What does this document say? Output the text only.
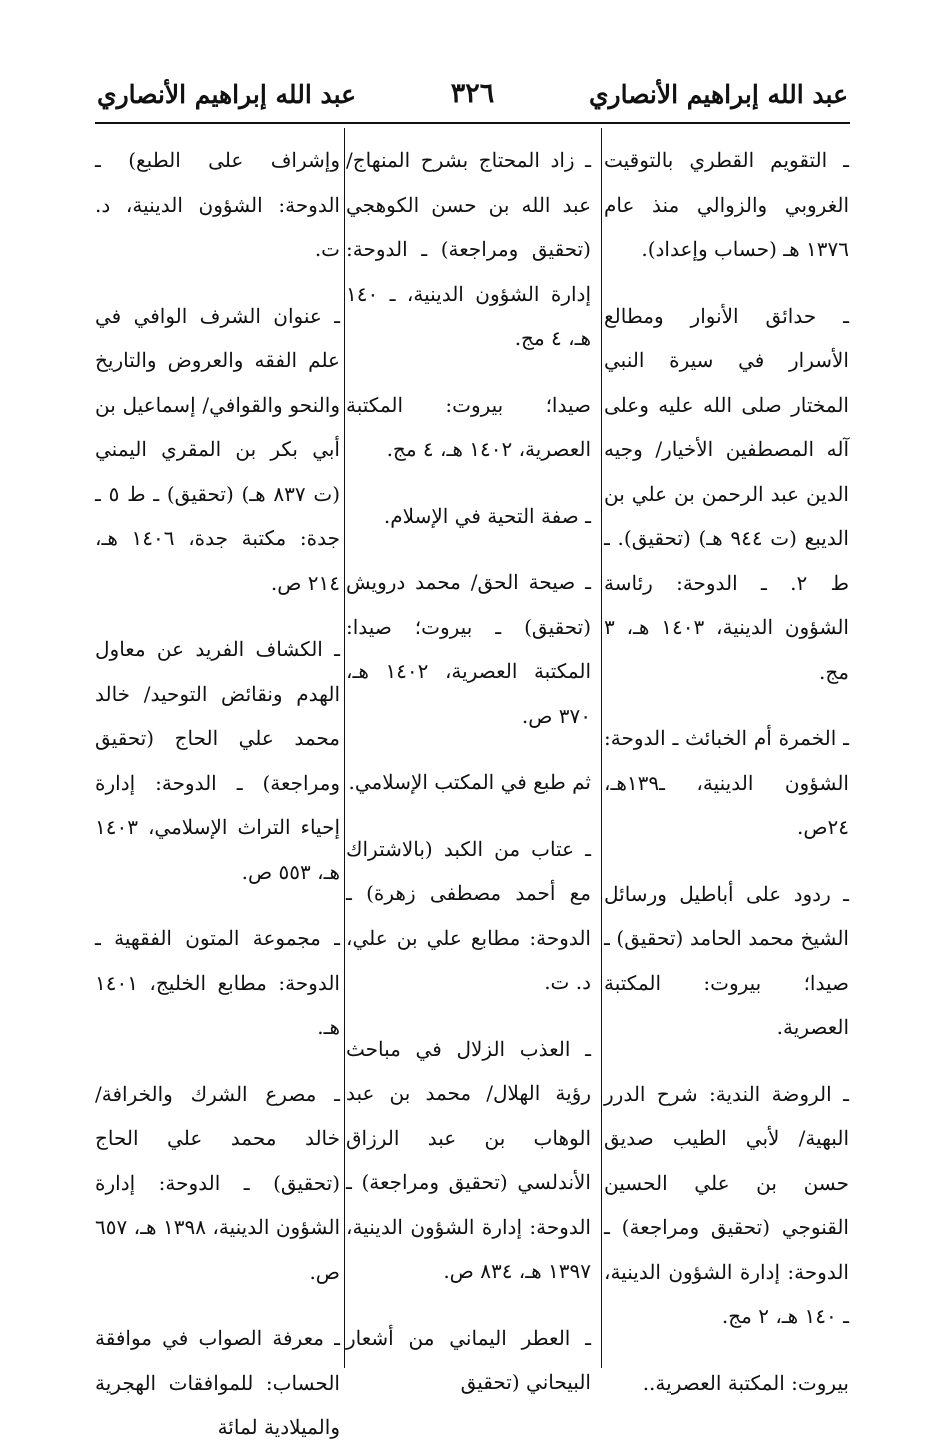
عبد الله إبراهيم الأنصاري	٣٢٦	عبد الله إبراهيم الأنصاري

ـ التقويم القطري بالتوقيت الغروبي والزوالي منذ عام ١٣٧٦ هـ (حساب وإعداد).

ـ حدائق الأنوار ومطالع الأسرار في سيرة النبي المختار صلى الله عليه وعلى آله المصطفين الأخيار/ وجيه الدين عبد الرحمن بن علي بن الديبع (ت ٩٤٤ هـ) (تحقيق). ـ ط ٢. ـ الدوحة: رئاسة الشؤون الدينية، ١٤٠٣ هـ، ٣ مج.

ـ الخمرة أم الخبائث ـ الدوحة: الشؤون الدينية، ـ١٣٩هـ، ٢٤ص.

ـ ردود على أباطيل ورسائل الشيخ محمد الحامد (تحقيق) ـ صيدا؛ بيروت: المكتبة العصرية.

ـ الروضة الندية: شرح الدرر البهية/ لأبي الطيب صديق حسن بن علي الحسين القنوجي (تحقيق ومراجعة) ـ الدوحة: إدارة الشؤون الدينية، ـ ١٤٠ هـ، ٢ مج.

بيروت: المكتبة العصرية..

ـ زاد المحتاج بشرح المنهاج/ عبد الله بن حسن الكوهجي (تحقيق ومراجعة) ـ الدوحة: إدارة الشؤون الدينية، ـ ١٤٠ هـ، ٤ مج.

صيدا؛ بيروت: المكتبة العصرية، ١٤٠٢ هـ، ٤ مج.

ـ صفة التحية في الإسلام.

ـ صيحة الحق/ محمد درويش (تحقيق) ـ بيروت؛ صيدا: المكتبة العصرية، ١٤٠٢ هـ، ٣٧٠ ص.

ثم طبع في المكتب الإسلامي.

ـ عتاب من الكبد (بالاشتراك مع أحمد مصطفى زهرة) ـ الدوحة: مطابع علي بن علي، د. ت.

ـ العذب الزلال في مباحث رؤية الهلال/ محمد بن عبد الوهاب بن عبد الرزاق الأندلسي (تحقيق ومراجعة) ـ الدوحة: إدارة الشؤون الدينية، ١٣٩٧ هـ، ٨٣٤ ص.

ـ العطر اليماني من أشعار البيحاني (تحقيق

وإشراف على الطبع) ـ الدوحة: الشؤون الدينية، د. ت.

ـ عنوان الشرف الوافي في علم الفقه والعروض والتاريخ والنحو والقوافي/ إسماعيل بن أبي بكر بن المقري اليمني (ت ٨٣٧ هـ) (تحقيق) ـ ط ٥ ـ جدة: مكتبة جدة، ١٤٠٦ هـ، ٢١٤ ص.

ـ الكشاف الفريد عن معاول الهدم ونقائض التوحيد/ خالد محمد علي الحاج (تحقيق ومراجعة) ـ الدوحة: إدارة إحياء التراث الإسلامي، ١٤٠٣ هـ، ٥٥٣ ص.

ـ مجموعة المتون الفقهية ـ الدوحة: مطابع الخليج، ١٤٠١ هـ.

ـ مصرع الشرك والخرافة/ خالد محمد علي الحاج (تحقيق) ـ الدوحة: إدارة الشؤون الدينية، ١٣٩٨ هـ، ٦٥٧ ص.

ـ معرفة الصواب في موافقة الحساب: للموافقات الهجرية والميلادية لمائة
